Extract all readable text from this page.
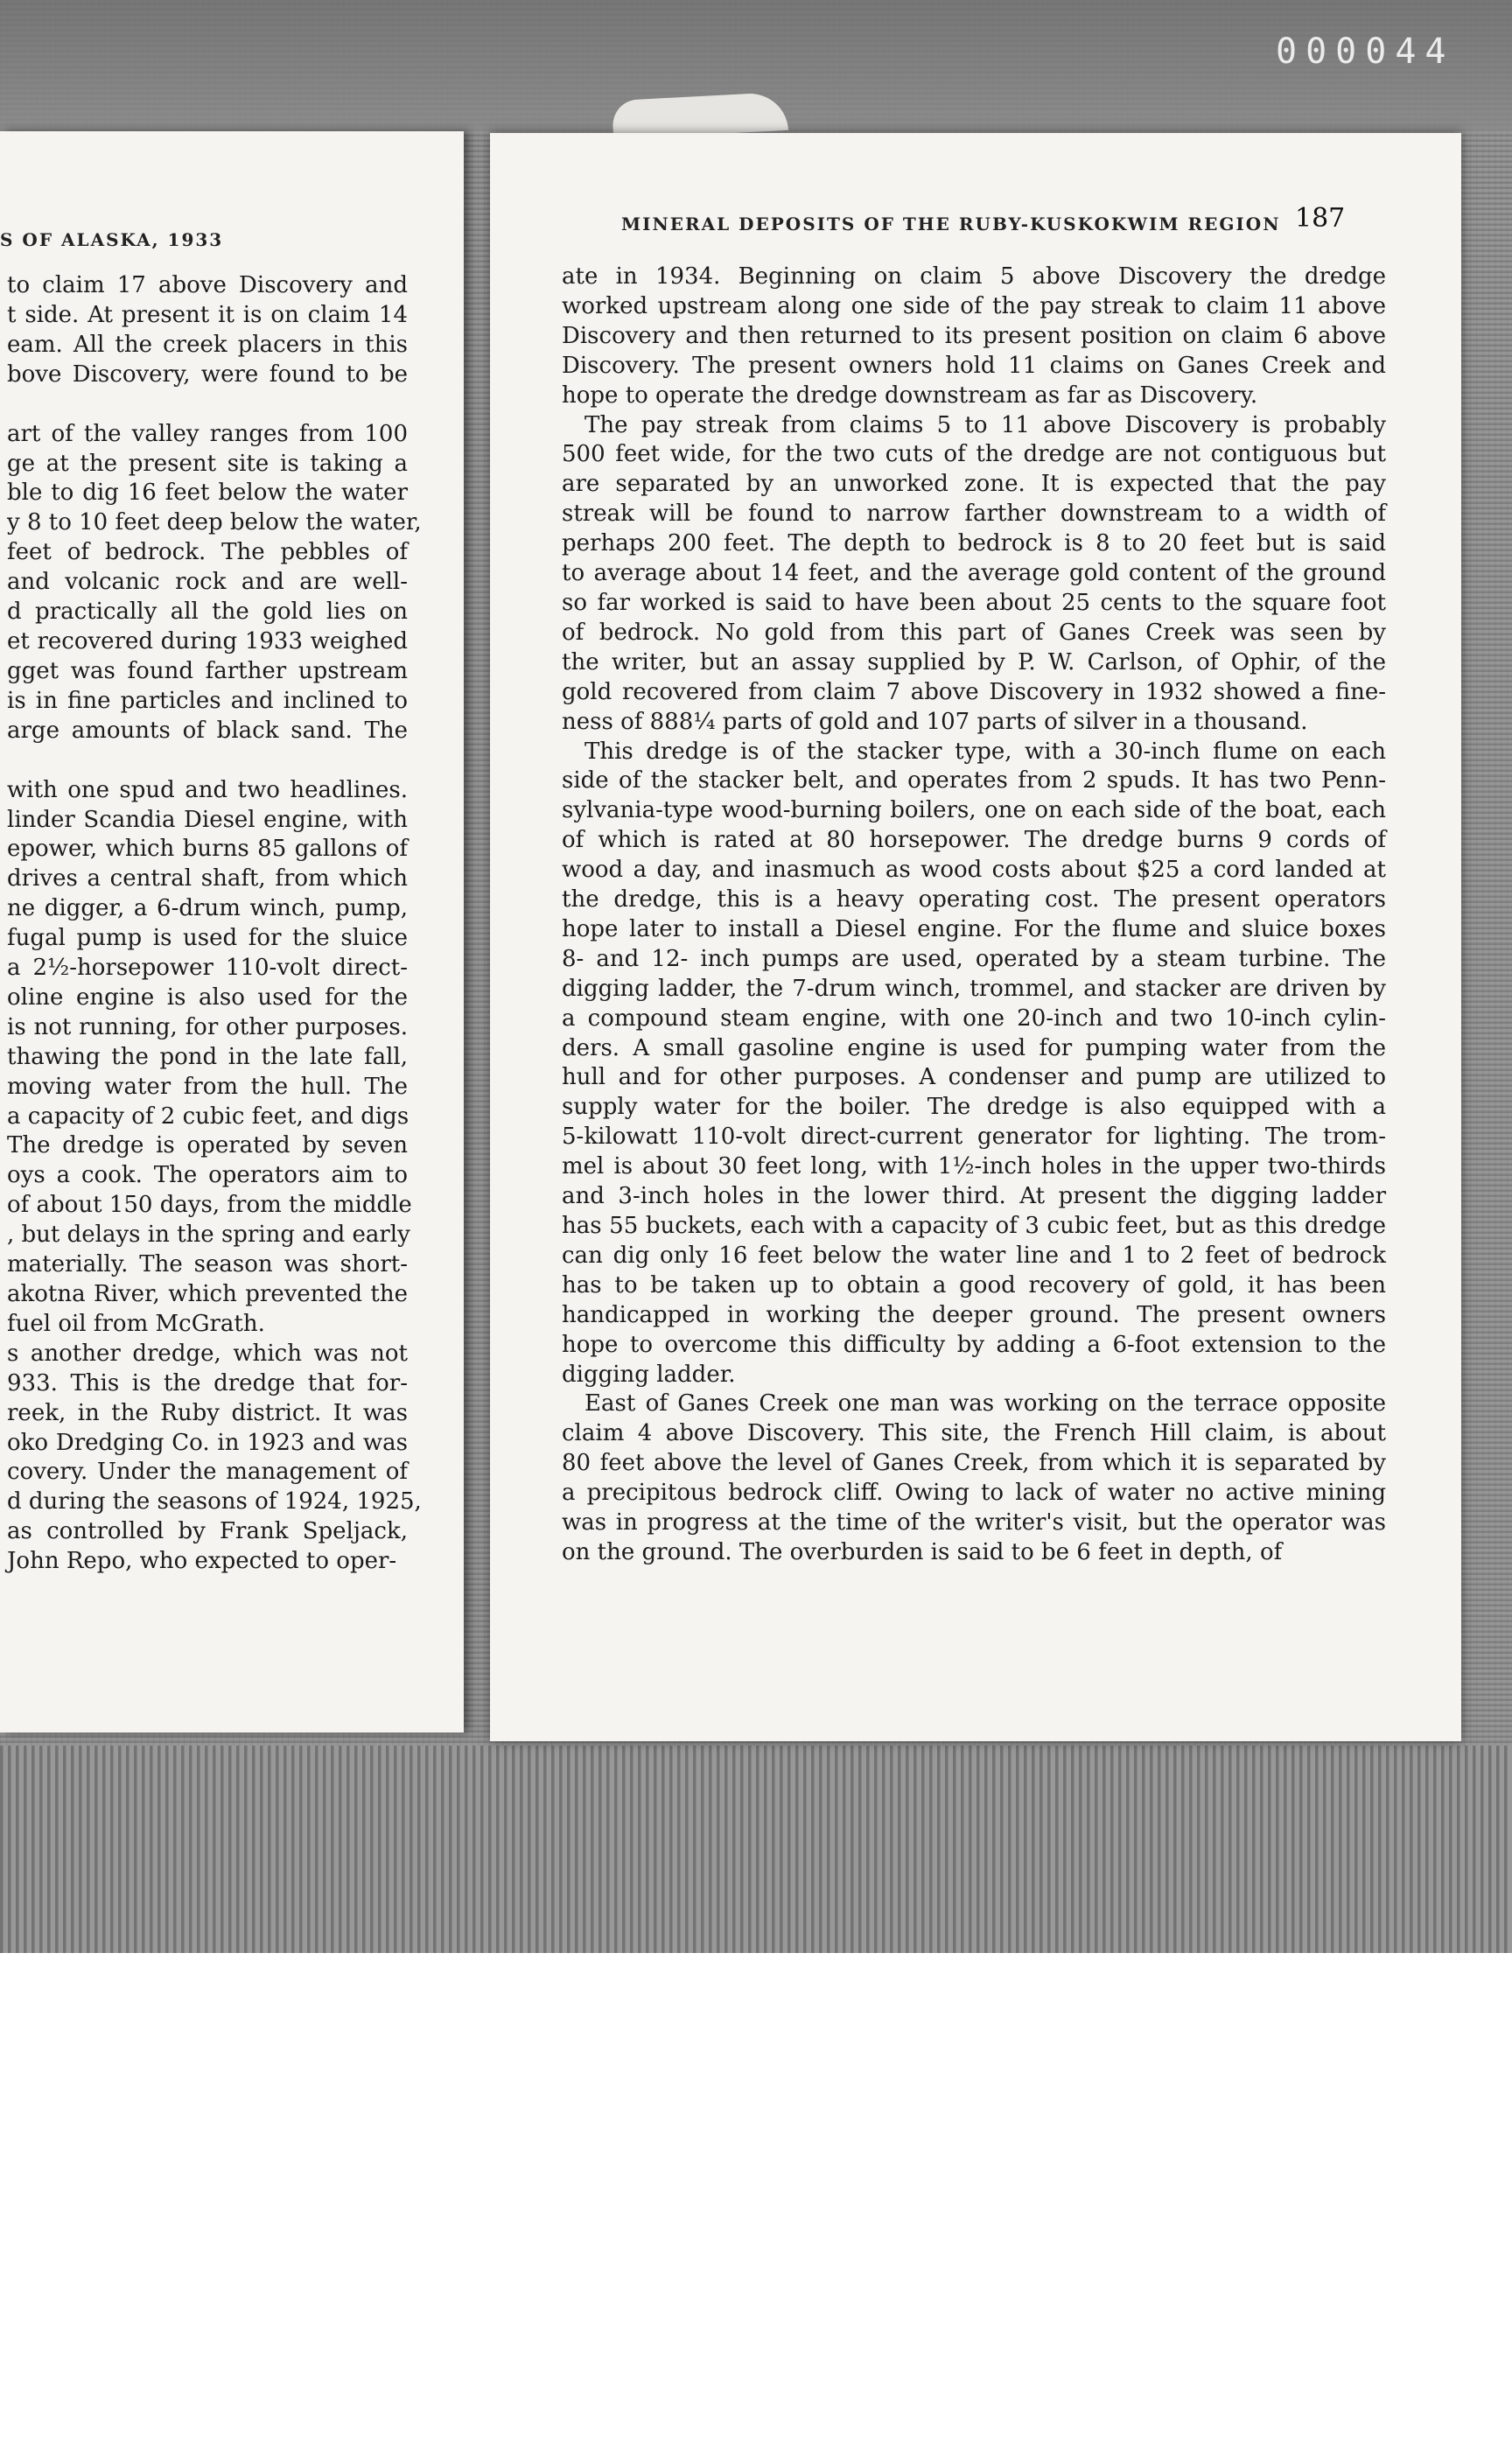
000044
S OF ALASKA, 1933
to claim 17 above Discovery and
t side. At present it is on claim 14
eam. All the creek placers in this
bove Discovery, were found to be
art of the valley ranges from 100
ge at the present site is taking a
ble to dig 16 feet below the water
y 8 to 10 feet deep below the water,
feet of bedrock. The pebbles of
and volcanic rock and are well-
d practically all the gold lies on
et recovered during 1933 weighed
gget was found farther upstream
is in fine particles and inclined to
arge amounts of black sand. The
with one spud and two headlines.
linder Scandia Diesel engine, with
epower, which burns 85 gallons of
drives a central shaft, from which
ne digger, a 6-drum winch, pump,
fugal pump is used for the sluice
a 2½-horsepower 110-volt direct-
oline engine is also used for the
is not running, for other purposes.
thawing the pond in the late fall,
moving water from the hull. The
a capacity of 2 cubic feet, and digs
The dredge is operated by seven
oys a cook. The operators aim to
of about 150 days, from the middle
, but delays in the spring and early
materially. The season was short-
akotna River, which prevented the
fuel oil from McGrath.
s another dredge, which was not
933. This is the dredge that for-
reek, in the Ruby district. It was
oko Dredging Co. in 1923 and was
covery. Under the management of
d during the seasons of 1924, 1925,
as controlled by Frank Speljack,
John Repo, who expected to oper-
MINERAL DEPOSITS OF THE RUBY-KUSKOKWIM REGION 187
ate in 1934. Beginning on claim 5 above Discovery the dredge
worked upstream along one side of the pay streak to claim 11 above
Discovery and then returned to its present position on claim 6 above
Discovery. The present owners hold 11 claims on Ganes Creek and
hope to operate the dredge downstream as far as Discovery.
The pay streak from claims 5 to 11 above Discovery is probably
500 feet wide, for the two cuts of the dredge are not contiguous but
are separated by an unworked zone. It is expected that the pay
streak will be found to narrow farther downstream to a width of
perhaps 200 feet. The depth to bedrock is 8 to 20 feet but is said
to average about 14 feet, and the average gold content of the ground
so far worked is said to have been about 25 cents to the square foot
of bedrock. No gold from this part of Ganes Creek was seen by
the writer, but an assay supplied by P. W. Carlson, of Ophir, of the
gold recovered from claim 7 above Discovery in 1932 showed a fine-
ness of 888¼ parts of gold and 107 parts of silver in a thousand.
This dredge is of the stacker type, with a 30-inch flume on each
side of the stacker belt, and operates from 2 spuds. It has two Penn-
sylvania-type wood-burning boilers, one on each side of the boat, each
of which is rated at 80 horsepower. The dredge burns 9 cords of
wood a day, and inasmuch as wood costs about $25 a cord landed at
the dredge, this is a heavy operating cost. The present operators
hope later to install a Diesel engine. For the flume and sluice boxes
8- and 12- inch pumps are used, operated by a steam turbine. The
digging ladder, the 7-drum winch, trommel, and stacker are driven by
a compound steam engine, with one 20-inch and two 10-inch cylin-
ders. A small gasoline engine is used for pumping water from the
hull and for other purposes. A condenser and pump are utilized to
supply water for the boiler. The dredge is also equipped with a
5-kilowatt 110-volt direct-current generator for lighting. The trom-
mel is about 30 feet long, with 1½-inch holes in the upper two-thirds
and 3-inch holes in the lower third. At present the digging ladder
has 55 buckets, each with a capacity of 3 cubic feet, but as this dredge
can dig only 16 feet below the water line and 1 to 2 feet of bedrock
has to be taken up to obtain a good recovery of gold, it has been
handicapped in working the deeper ground. The present owners
hope to overcome this difficulty by adding a 6-foot extension to the
digging ladder.
East of Ganes Creek one man was working on the terrace opposite
claim 4 above Discovery. This site, the French Hill claim, is about
80 feet above the level of Ganes Creek, from which it is separated by
a precipitous bedrock cliff. Owing to lack of water no active mining
was in progress at the time of the writer's visit, but the operator was
on the ground. The overburden is said to be 6 feet in depth, of
